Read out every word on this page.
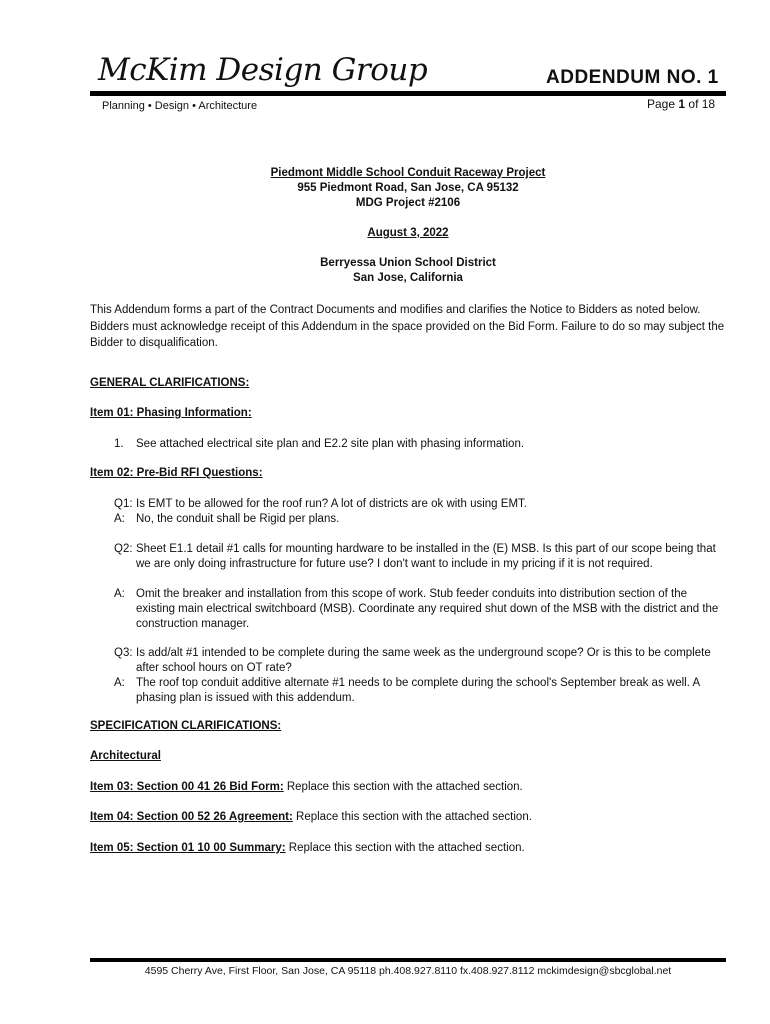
McKim Design Group	ADDENDUM NO. 1
Planning • Design • Architecture	Page 1 of 18
Piedmont Middle School Conduit Raceway Project
955 Piedmont Road, San Jose, CA 95132
MDG Project #2106
August 3, 2022
Berryessa Union School District
San Jose, California
This Addendum forms a part of the Contract Documents and modifies and clarifies the Notice to Bidders as noted below. Bidders must acknowledge receipt of this Addendum in the space provided on the Bid Form. Failure to do so may subject the Bidder to disqualification.
GENERAL CLARIFICATIONS:
Item 01: Phasing Information:
1. See attached electrical site plan and E2.2 site plan with phasing information.
Item 02: Pre-Bid RFI Questions:
Q1: Is EMT to be allowed for the roof run? A lot of districts are ok with using EMT.
A: No, the conduit shall be Rigid per plans.
Q2: Sheet E1.1 detail #1 calls for mounting hardware to be installed in the (E) MSB. Is this part of our scope being that we are only doing infrastructure for future use? I don't want to include in my pricing if it is not required.
A: Omit the breaker and installation from this scope of work. Stub feeder conduits into distribution section of the existing main electrical switchboard (MSB). Coordinate any required shut down of the MSB with the district and the construction manager.
Q3: Is add/alt #1 intended to be complete during the same week as the underground scope? Or is this to be complete after school hours on OT rate?
A: The roof top conduit additive alternate #1 needs to be complete during the school's September break as well. A phasing plan is issued with this addendum.
SPECIFICATION CLARIFICATIONS:
Architectural
Item 03: Section 00 41 26 Bid Form: Replace this section with the attached section.
Item 04: Section 00 52 26 Agreement: Replace this section with the attached section.
Item 05: Section 01 10 00 Summary: Replace this section with the attached section.
4595 Cherry Ave, First Floor, San Jose, CA 95118 ph.408.927.8110 fx.408.927.8112 mckimdesign@sbcglobal.net
